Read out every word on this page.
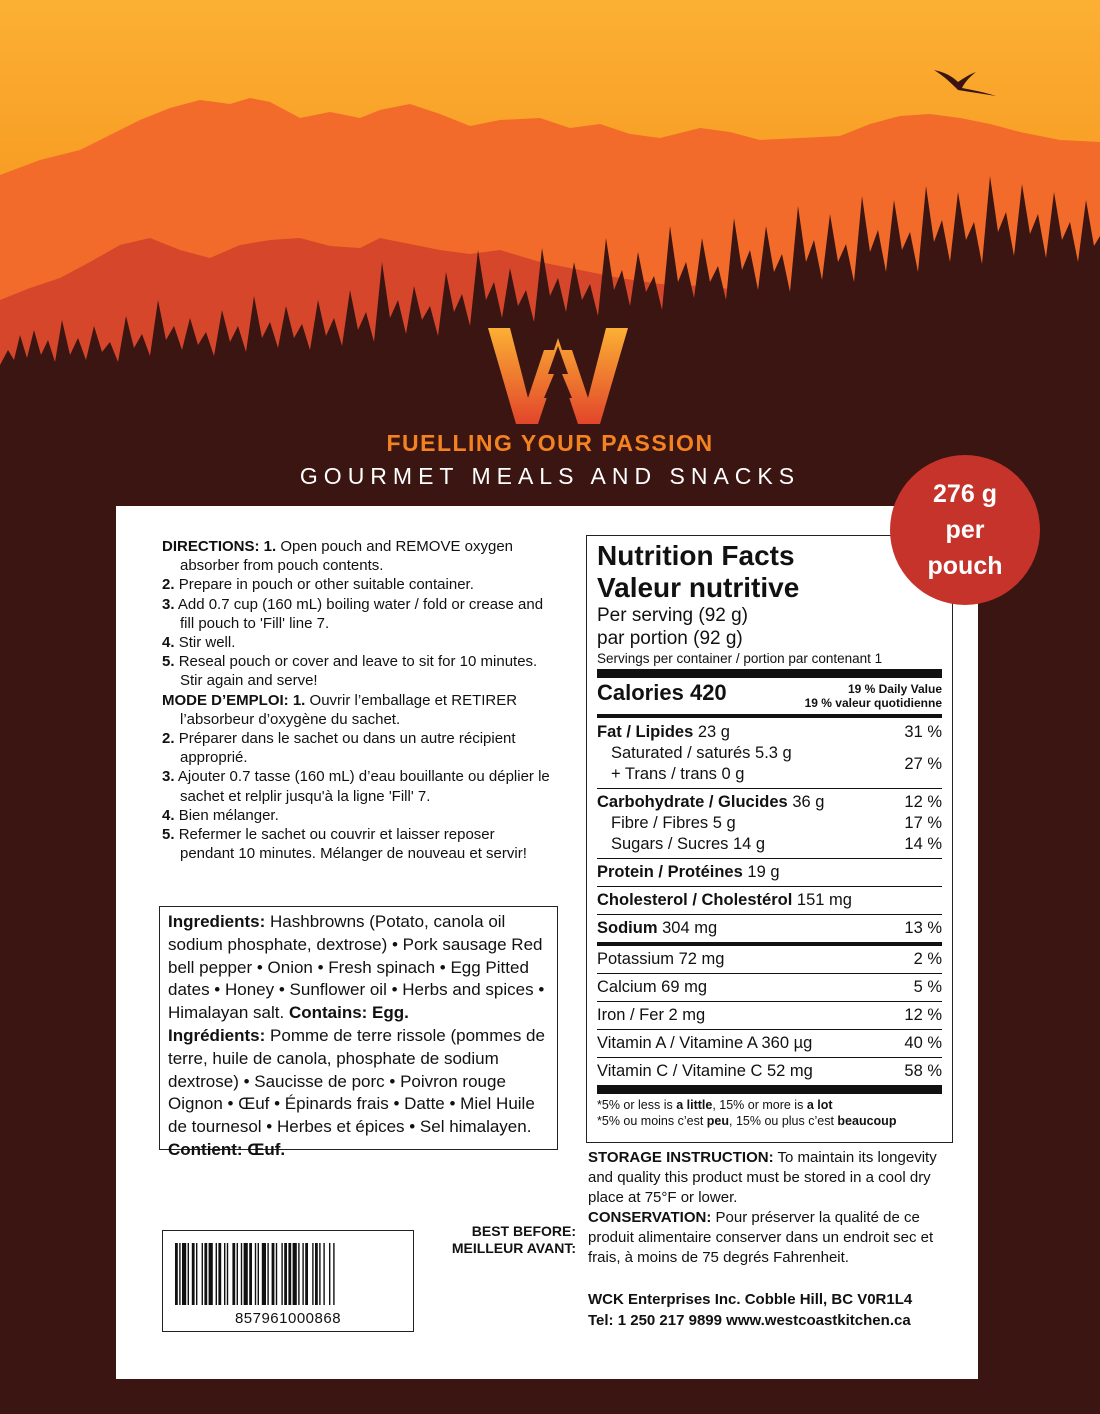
FUELLING YOUR PASSION

GOURMET MEALS AND SNACKS

276 g
per
pouch

DIRECTIONS: 1. Open pouch and REMOVE oxygen absorber from pouch contents.

2. Prepare in pouch or other suitable container.

3. Add 0.7 cup (160 mL) boiling water / fold or crease and fill pouch to 'Fill' line 7.

4. Stir well.

5. Reseal pouch or cover and leave to sit for 10 minutes. Stir again and serve!

MODE D’EMPLOI: 1. Ouvrir l’emballage et RETIRER l’absorbeur d’oxygène du sachet.

2. Préparer dans le sachet ou dans un autre récipient approprié.

3. Ajouter 0.7 tasse (160 mL) d’eau bouillante ou déplier le sachet et relplir jusqu'à la ligne 'Fill' 7.

4. Bien mélanger.

5. Refermer le sachet ou couvrir et laisser reposer pendant 10 minutes. Mélanger de nouveau et servir!

Ingredients: Hashbrowns (Potato, canola oil sodium phosphate, dextrose) • Pork sausage Red bell pepper • Onion • Fresh spinach • Egg Pitted dates • Honey • Sunflower oil • Herbs and spices • Himalayan salt. Contains: Egg.

Ingrédients: Pomme de terre rissole (pommes de terre, huile de canola, phosphate de sodium dextrose) • Saucisse de porc • Poivron rouge Oignon • Œuf • Épinards frais • Datte • Miel Huile de tournesol • Herbes et épices • Sel himalayen. Contient: Œuf.

857961000868
BEST BEFORE:
MEILLEUR AVANT:
Nutrition Facts
Valeur nutritive
Per serving (92 g)
par portion (92 g)
Servings per container / portion par contenant 1
Calories 420	19 % Daily Value
19 % valeur quotidienne
Fat / Lipides 23 g	31 %
Saturated / saturés 5.3 g
+ Trans / trans 0 g
27 %
Carbohydrate / Glucides 36 g	12 %
Fibre / Fibres 5 g	17 %
Sugars / Sucres 14 g	14 %
Protein / Protéines 19 g
Cholesterol / Cholestérol 151 mg
Sodium 304 mg	13 %
Potassium 72 mg	2 %
Calcium 69 mg	5 %
Iron / Fer 2 mg	12 %
Vitamin A / Vitamine A 360 µg	40 %
Vitamin C / Vitamine C 52 mg	58 %
*5% or less is a little, 15% or more is a lot
*5% ou moins c’est peu, 15% ou plus c’est beaucoup

STORAGE INSTRUCTION: To maintain its longevity and quality this product must be stored in a cool dry place at 75°F or lower.

CONSERVATION: Pour préserver la qualité de ce produit alimentaire conserver dans un endroit sec et frais, à moins de 75 degrés Fahrenheit.

WCK Enterprises Inc. Cobble Hill, BC V0R1L4

Tel: 1 250 217 9899 www.westcoastkitchen.ca
